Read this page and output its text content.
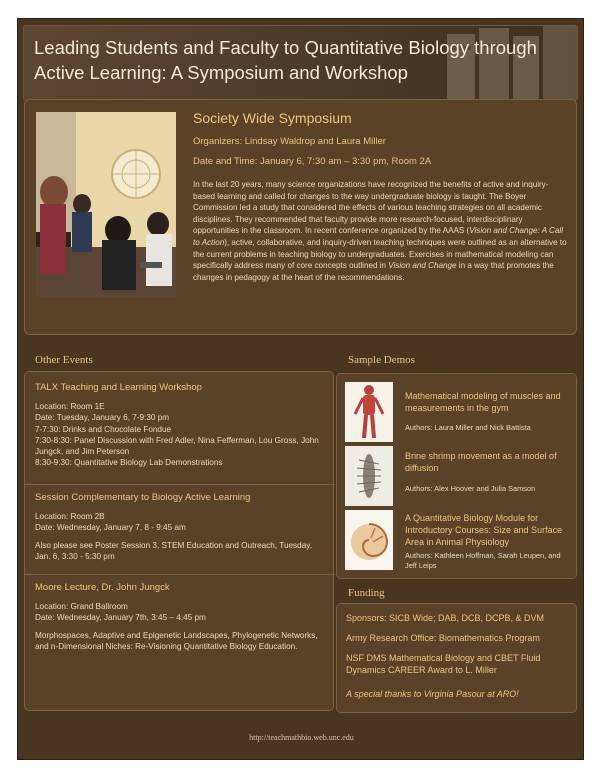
Leading Students and Faculty to Quantitative Biology through
Active Learning: A Symposium and Workshop
Society Wide Symposium
Organizers: Lindsay Waldrop and Laura Miller
Date and Time: January 6, 7:30 am – 3:30 pm, Room 2A
In the last 20 years, many science organizations have recognized the benefits of active and inquiry-based learning and called for changes to the way undergraduate biology is taught. The Boyer Commission led a study that considered the effects of various teaching strategies on all academic disciplines. They recommended that faculty provide more research-focused, interdisciplinary opportunities in the classroom. In recent conference organized by the AAAS (Vision and Change: A Call to Action), active, collaborative, and inquiry-driven teaching techniques were outlined as an alternative to the current problems in teaching biology to undergraduates. Exercises in mathematical modeling can specifically address many of core concepts outlined in Vision and Change in a way that promotes the changes in pedagogy at the heart of the recommendations.
Other Events	Sample Demos
TALX Teaching and Learning Workshop
Location: Room 1E
Date: Tuesday, January 6, 7-9:30 pm
7-7:30: Drinks and Chocolate Fondue
7:30-8:30: Panel Discussion with Fred Adler, Nina Fefferman, Lou Gross, John Jungck, and Jim Peterson
8:30-9:30: Quantitative Biology Lab Demonstrations
Session Complementary to Biology Active Learning
Location: Room 2B
Date: Wednesday, January 7, 8 - 9:45 am
Also please see Poster Session 3, STEM Education and Outreach, Tuesday, Jan. 6, 3:30 - 5:30 pm
Moore Lecture, Dr. John Jungck
Location: Grand Ballroom
Date: Wednesday, January 7th, 3:45 – 4:45 pm
Morphospaces, Adaptive and Epigenetic Landscapes, Phylogenetic Networks, and n-Dimensional Niches: Re-Visioning Quantitative Biology Education.
Mathematical modeling of muscles and measurements in the gym
Authors: Laura Miller and Nick Battista
Brine shrimp movement as a model of diffusion
Authors: Alex Hoover and Julia Samson
A Quantitative Biology Module for Introductory Courses: Size and Surface Area in Animal Physiology
Authors: Kathleen Hoffman, Sarah Leupen, and Jeff Leips
Funding
Sponsors: SICB Wide; DAB, DCB, DCPB, & DVM
Army Research Office: Biomathematics Program
NSF DMS Mathematical Biology and CBET Fluid Dynamics CAREER Award to L. Miller
A special thanks to Virginia Pasour at ARO!
http://teachmathbio.web.unc.edu
